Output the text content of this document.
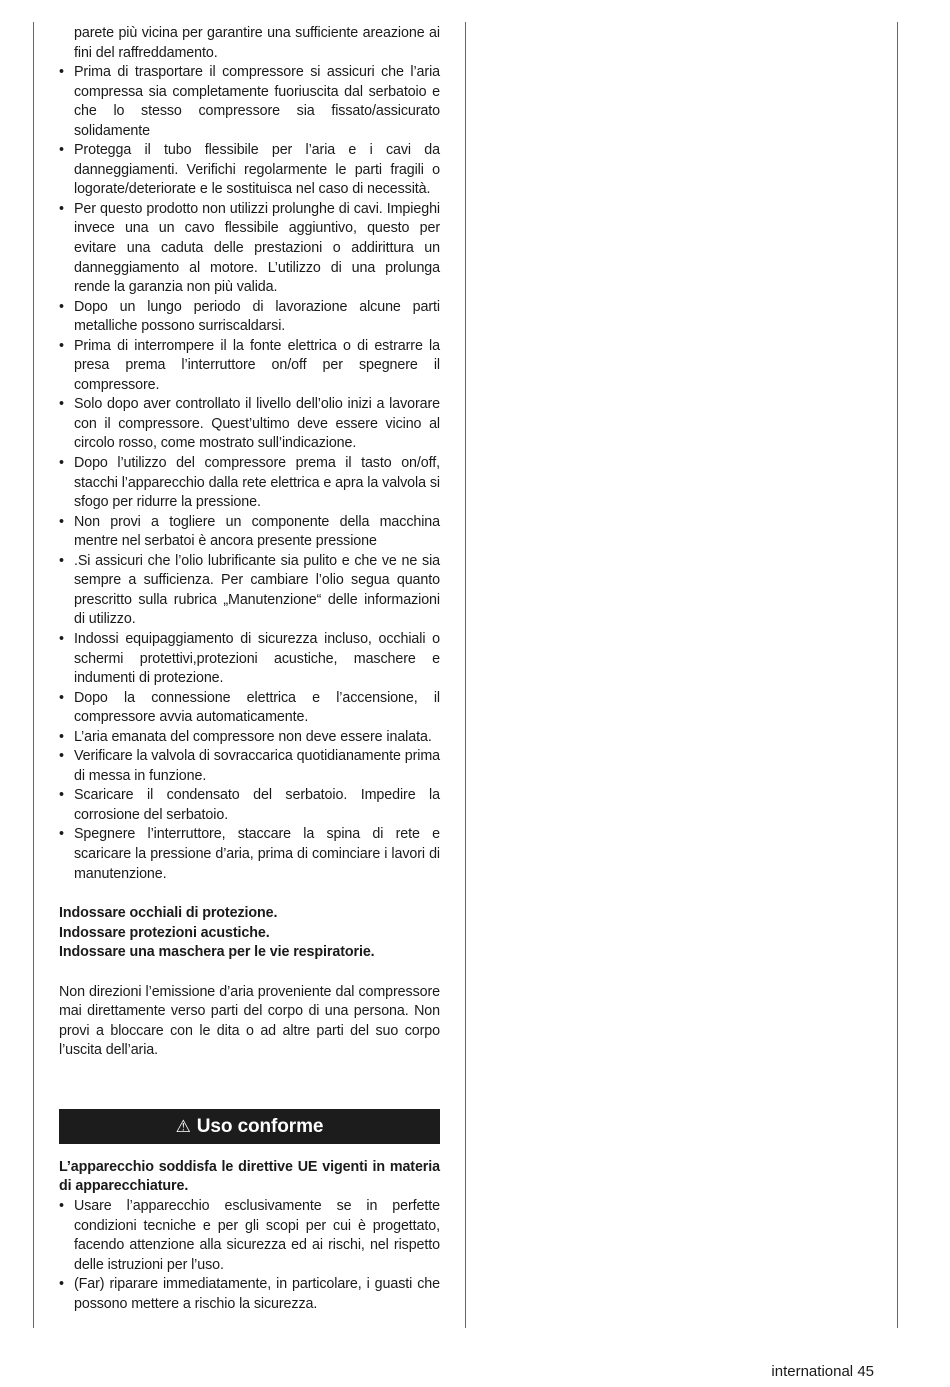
parete più vicina per garantire una sufficiente areazione ai fini del raffreddamento.
• Prima di trasportare il compressore si assicuri che l’aria compressa sia completamente fuoriuscita dal serbatoio e che lo stesso compressore sia fissato/assicurato solidamente
• Protegga il tubo flessibile per l’aria e i cavi da danneggiamenti. Verifichi regolarmente le parti fragili o logorate/deteriorate e le sostituisca nel caso di necessità.
• Per questo prodotto non utilizzi prolunghe di cavi. Impieghi invece una un cavo flessibile aggiuntivo, questo per evitare una caduta delle prestazioni o addirittura un danneggiamento al motore. L’utilizzo di una prolunga rende la garanzia non più valida.
• Dopo un lungo periodo di lavorazione alcune parti metalliche possono surriscaldarsi.
• Prima di interrompere il la fonte elettrica o di estrarre la presa prema l’interruttore on/off per spegnere il compressore.
• Solo dopo aver controllato il livello dell’olio inizi a lavorare con il compressore. Quest’ultimo deve essere vicino al circolo rosso, come mostrato sull’indicazione.
• Dopo l’utilizzo del compressore prema il tasto on/off, stacchi l’apparecchio dalla rete elettrica e apra la valvola si sfogo per ridurre la pressione.
• Non provi a togliere un componente della macchina mentre nel serbatoi è ancora presente pressione
• .Si assicuri che l’olio lubrificante sia pulito e che ve ne sia sempre a sufficienza. Per cambiare l’olio segua quanto prescritto sulla rubrica „Manutenzione“ delle informazioni di utilizzo.
• Indossi equipaggiamento di sicurezza incluso, occhiali o schermi protettivi,protezioni acustiche, maschere e indumenti di protezione.
• Dopo la connessione elettrica e l’accensione, il compressore avvia automaticamente.
• L’aria emanata del compressore non deve essere inalata.
• Verificare la valvola di sovraccarica quotidianamente prima di messa in funzione.
• Scaricare il condensato del serbatoio. Impedire la corrosione del serbatoio.
• Spegnere l’interruttore, staccare la spina di rete e scaricare la pressione d’aria, prima di cominciare i lavori di manutenzione.
Indossare occhiali di protezione.
Indossare protezioni acustiche.
Indossare una maschera per le vie respiratorie.
Non direzioni l’emissione d’aria proveniente dal compressore mai direttamente verso parti del corpo di una persona. Non provi a bloccare con le dita o ad altre parti del suo corpo l’uscita dell’aria.
⚠ Uso conforme
L’apparecchio soddisfa le direttive UE vigenti in materia di apparecchiature.
• Usare l’apparecchio esclusivamente se in perfette condizioni tecniche e per gli scopi per cui è progettato, facendo attenzione alla sicurezza ed ai rischi, nel rispetto delle istruzioni per l’uso.
• (Far) riparare immediatamente, in particolare, i guasti che possono mettere a rischio la sicurezza.
international 45
